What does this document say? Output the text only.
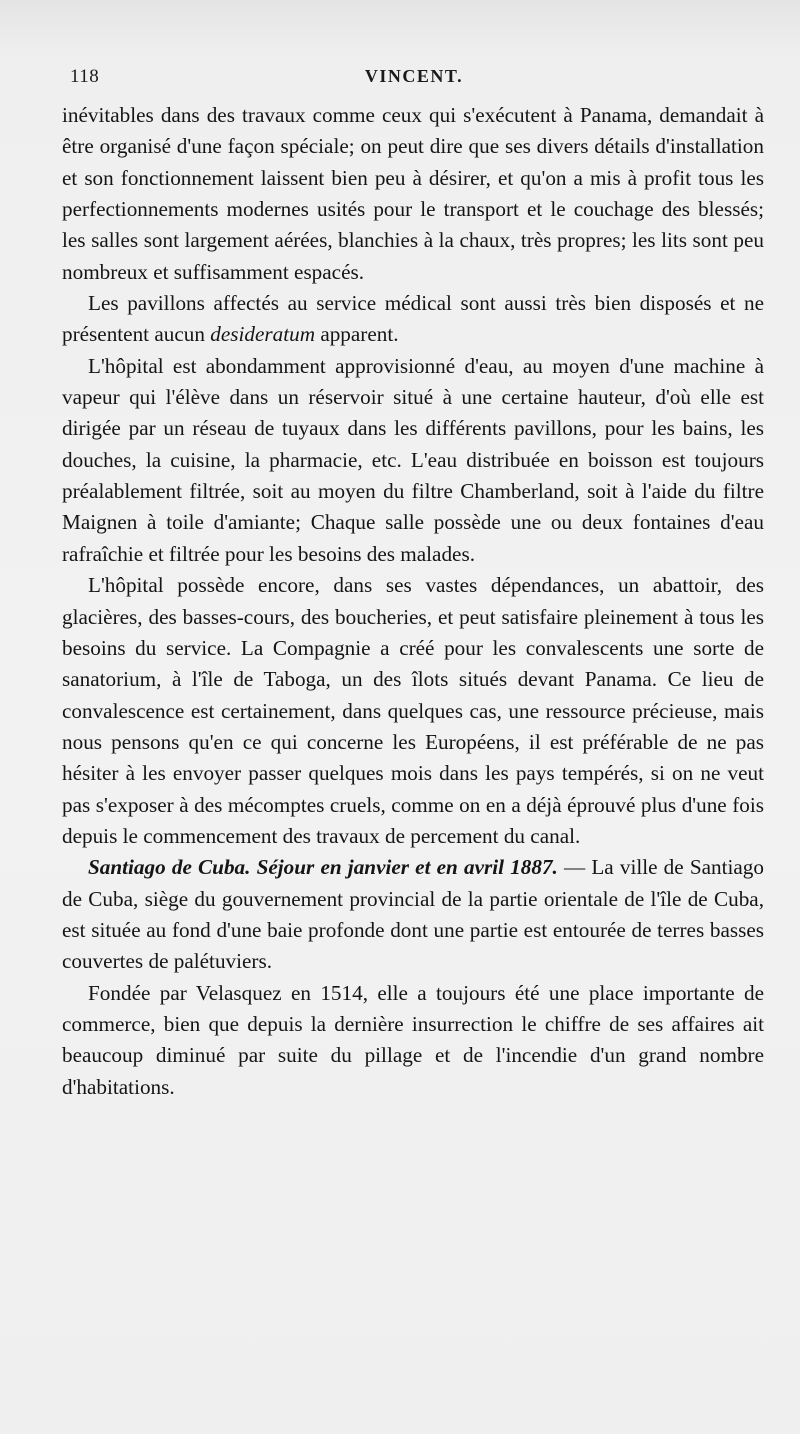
118	VINCENT.

inévitables dans des travaux comme ceux qui s'exécutent à Panama, demandait à être organisé d'une façon spéciale; on peut dire que ses divers détails d'installation et son fonctionnement laissent bien peu à désirer, et qu'on a mis à profit tous les perfectionnements modernes usités pour le transport et le couchage des blessés; les salles sont largement aérées, blanchies à la chaux, très propres; les lits sont peu nombreux et suffisamment espacés.

Les pavillons affectés au service médical sont aussi très bien disposés et ne présentent aucun desideratum apparent.

L'hôpital est abondamment approvisionné d'eau, au moyen d'une machine à vapeur qui l'élève dans un réservoir situé à une certaine hauteur, d'où elle est dirigée par un réseau de tuyaux dans les différents pavillons, pour les bains, les douches, la cuisine, la pharmacie, etc. L'eau distribuée en boisson est toujours préalablement filtrée, soit au moyen du filtre Chamberland, soit à l'aide du filtre Maignen à toile d'amiante; Chaque salle possède une ou deux fontaines d'eau rafraîchie et filtrée pour les besoins des malades.

L'hôpital possède encore, dans ses vastes dépendances, un abattoir, des glacières, des basses-cours, des boucheries, et peut satisfaire pleinement à tous les besoins du service. La Compagnie a créé pour les convalescents une sorte de sanatorium, à l'île de Taboga, un des îlots situés devant Panama. Ce lieu de convalescence est certainement, dans quelques cas, une ressource précieuse, mais nous pensons qu'en ce qui concerne les Européens, il est préférable de ne pas hésiter à les envoyer passer quelques mois dans les pays tempérés, si on ne veut pas s'exposer à des mécomptes cruels, comme on en a déjà éprouvé plus d'une fois depuis le commencement des travaux de percement du canal.

Santiago de Cuba. Séjour en janvier et en avril 1887. — La ville de Santiago de Cuba, siège du gouvernement provincial de la partie orientale de l'île de Cuba, est située au fond d'une baie profonde dont une partie est entourée de terres basses couvertes de palétuviers.

Fondée par Velasquez en 1514, elle a toujours été une place importante de commerce, bien que depuis la dernière insurrection le chiffre de ses affaires ait beaucoup diminué par suite du pillage et de l'incendie d'un grand nombre d'habitations.
